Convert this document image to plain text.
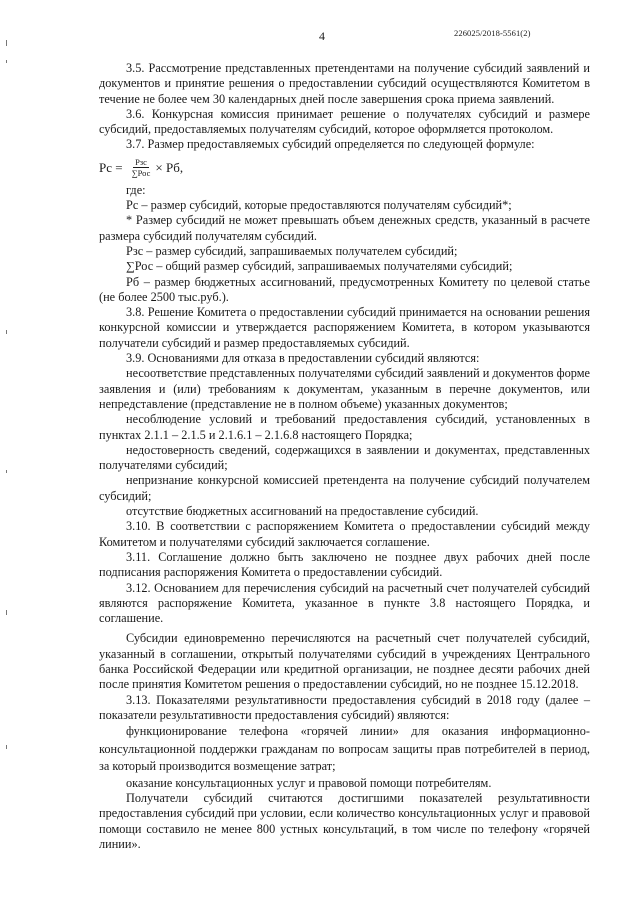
4	226025/2018-5561(2)

3.5. Рассмотрение представленных претендентами на получение субсидий заявлений и документов и принятие решения о предоставлении субсидий осуществляются Комитетом в течение не более чем 30 календарных дней после завершения срока приема заявлений.

3.6. Конкурсная комиссия принимает решение о получателях субсидий и размере субсидий, предоставляемых получателям субсидий, которое оформляется протоколом.

3.7. Размер предоставляемых субсидий определяется по следующей формуле:

Рс = $\frac{\text{Рзс}}{\text{∑Рос}}$ × Рб,

где:

Рс – размер субсидий, которые предоставляются получателям субсидий*;

* Размер субсидий не может превышать объем денежных средств, указанный в расчете размера субсидий получателям субсидий.

Рзс – размер субсидий, запрашиваемых получателем субсидий;

∑Рос – общий размер субсидий, запрашиваемых получателями субсидий;

Рб – размер бюджетных ассигнований, предусмотренных Комитету по целевой статье (не более 2500 тыс.руб.).

3.8. Решение Комитета о предоставлении субсидий принимается на основании решения конкурсной комиссии и утверждается распоряжением Комитета, в котором указываются получатели субсидий и размер предоставляемых субсидий.

3.9. Основаниями для отказа в предоставлении субсидий являются:

несоответствие представленных получателями субсидий заявлений и документов форме заявления и (или) требованиям к документам, указанным в перечне документов, или непредставление (представление не в полном объеме) указанных документов;

несоблюдение условий и требований предоставления субсидий, установленных в пунктах 2.1.1 – 2.1.5 и 2.1.6.1 – 2.1.6.8 настоящего Порядка;

недостоверность сведений, содержащихся в заявлении и документах, представленных получателями субсидий;

непризнание конкурсной комиссией претендента на получение субсидий получателем субсидий;

отсутствие бюджетных ассигнований на предоставление субсидий.

3.10. В соответствии с распоряжением Комитета о предоставлении субсидий между Комитетом и получателями субсидий заключается соглашение.

3.11. Соглашение должно быть заключено не позднее двух рабочих дней после подписания распоряжения Комитета о предоставлении субсидий.

3.12. Основанием для перечисления субсидий на расчетный счет получателей субсидий являются распоряжение Комитета, указанное в пункте 3.8 настоящего Порядка, и соглашение.

Субсидии единовременно перечисляются на расчетный счет получателей субсидий, указанный в соглашении, открытый получателями субсидий в учреждениях Центрального банка Российской Федерации или кредитной организации, не позднее десяти рабочих дней после принятия Комитетом решения о предоставлении субсидий, но не позднее 15.12.2018.

3.13. Показателями результативности предоставления субсидий в 2018 году (далее – показатели результативности предоставления субсидий) являются:

функционирование телефона «горячей линии» для оказания информационно-консультационной поддержки гражданам по вопросам защиты прав потребителей в период, за который производится возмещение затрат;

оказание консультационных услуг и правовой помощи потребителям.

Получатели субсидий считаются достигшими показателей результативности предоставления субсидий при условии, если количество консультационных услуг и правовой помощи составило не менее 800 устных консультаций, в том числе по телефону «горячей линии».
